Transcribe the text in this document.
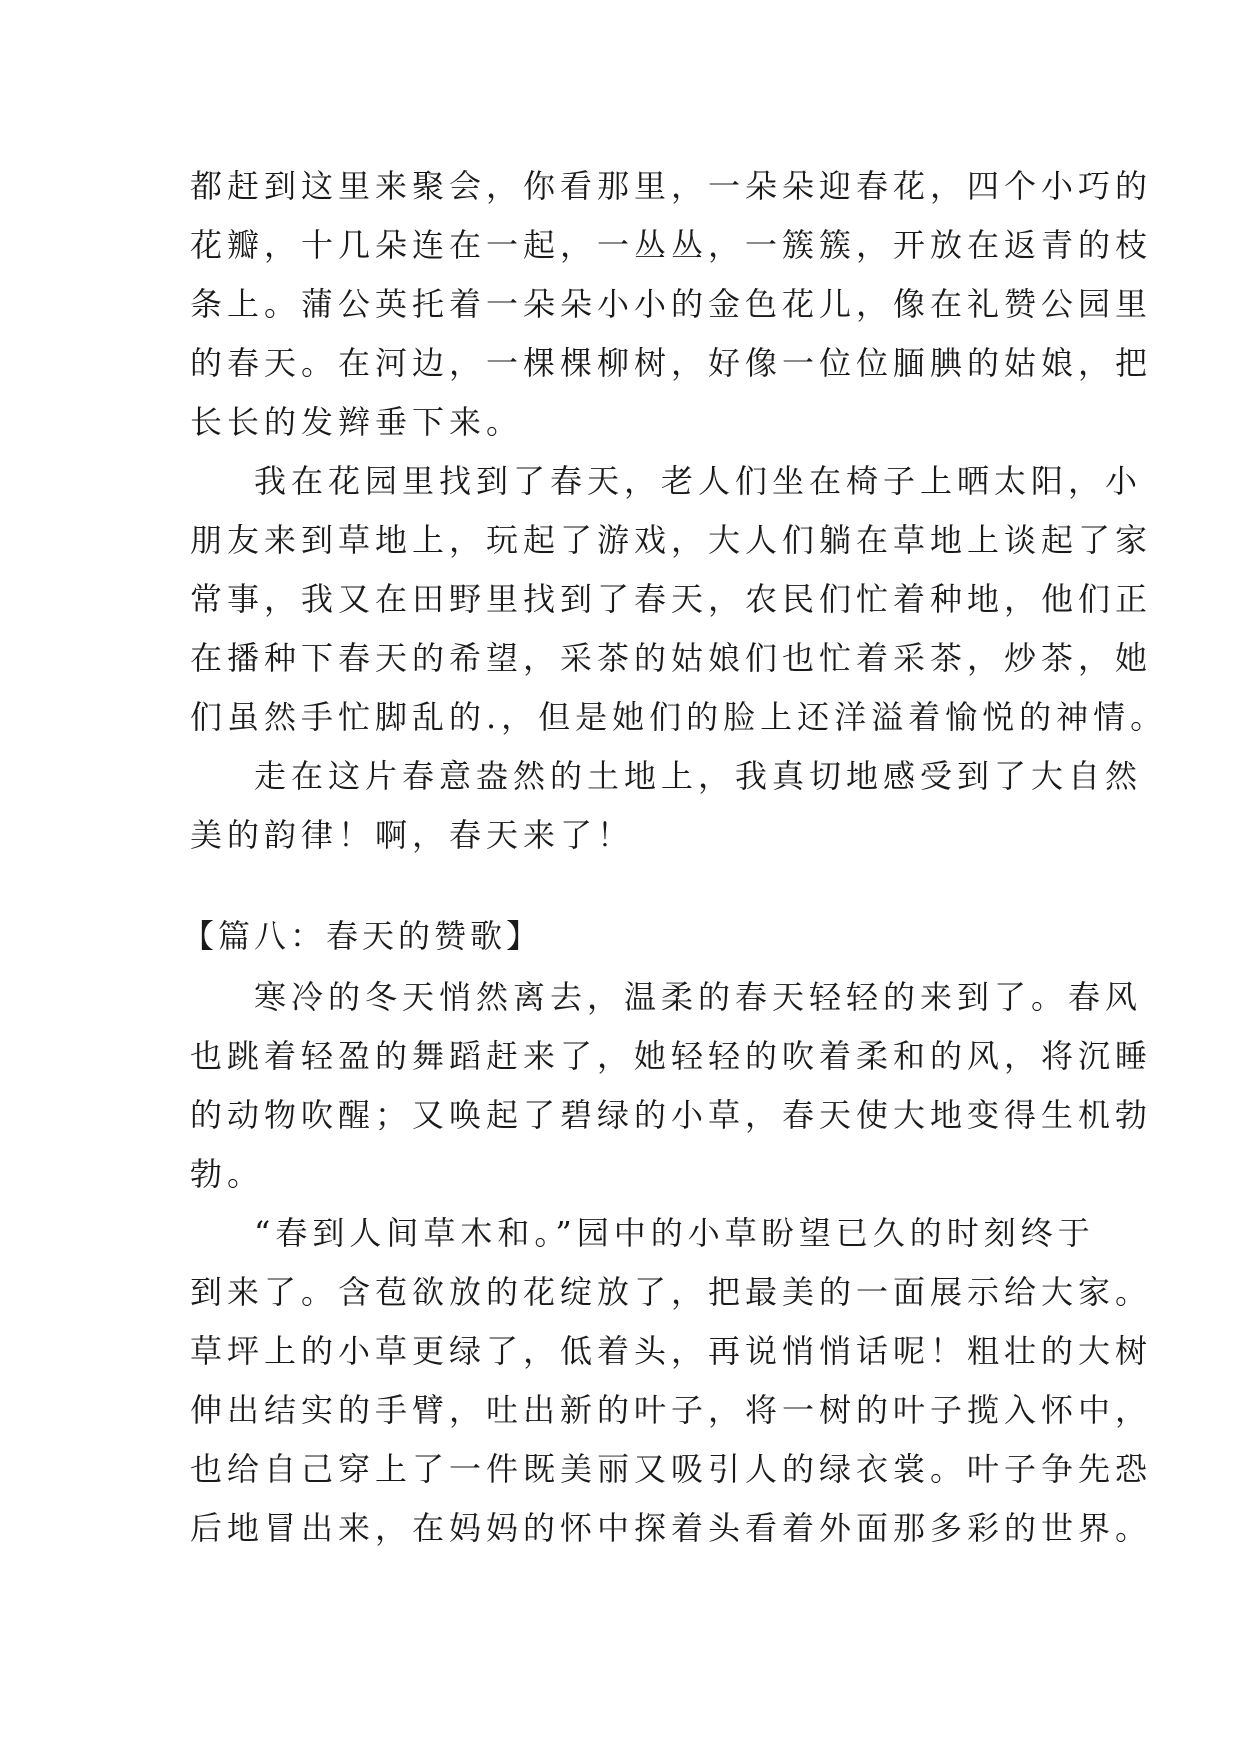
都赶到这里来聚会，你看那里，一朵朵迎春花，四个小巧的
花瓣，十几朵连在一起，一丛丛，一簇簇，开放在返青的枝
条上。蒲公英托着一朵朵小小的金色花儿，像在礼赞公园里
的春天。在河边，一棵棵柳树，好像一位位腼腆的姑娘，把
长长的发辫垂下来。
我在花园里找到了春天，老人们坐在椅子上晒太阳，小
朋友来到草地上，玩起了游戏，大人们躺在草地上谈起了家
常事，我又在田野里找到了春天，农民们忙着种地，他们正
在播种下春天的希望，采茶的姑娘们也忙着采茶，炒茶，她
们虽然手忙脚乱的.，但是她们的脸上还洋溢着愉悦的神情。
走在这片春意盎然的土地上，我真切地感受到了大自然
美的韵律！啊，春天来了！
【篇八：春天的赞歌】
寒冷的冬天悄然离去，温柔的春天轻轻的来到了。春风
也跳着轻盈的舞蹈赶来了，她轻轻的吹着柔和的风，将沉睡
的动物吹醒；又唤起了碧绿的小草，春天使大地变得生机勃
勃。
“春到人间草木和。”园中的小草盼望已久的时刻终于
到来了。含苞欲放的花绽放了，把最美的一面展示给大家。
草坪上的小草更绿了，低着头，再说悄悄话呢！粗壮的大树
伸出结实的手臂，吐出新的叶子，将一树的叶子揽入怀中，
也给自己穿上了一件既美丽又吸引人的绿衣裳。叶子争先恐
后地冒出来，在妈妈的怀中探着头看着外面那多彩的世界。
